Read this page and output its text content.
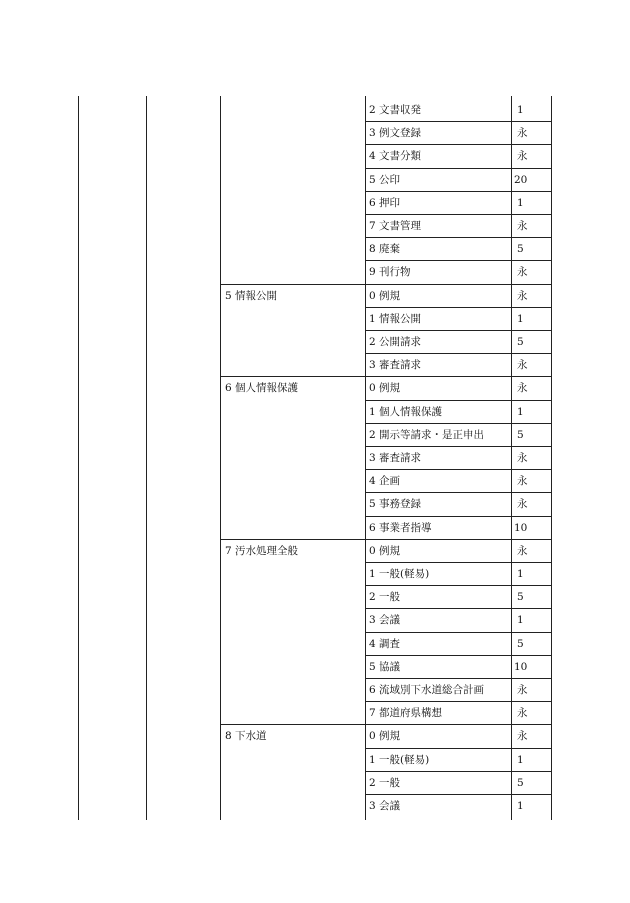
2 文書収発	1
3 例文登録	永
4 文書分類	永
5 公印	20
6 押印	1
7 文書管理	永
8 廃棄	5
9 刊行物	永
5 情報公開	0 例規	永
1 情報公開	1
2 公開請求	5
3 審査請求	永
6 個人情報保護	0 例規	永
1 個人情報保護	1
2 開示等請求・是正申出	5
3 審査請求	永
4 企画	永
5 事務登録	永
6 事業者指導	10
7 汚水処理全般	0 例規	永
1 一般(軽易)	1
2 一般	5
3 会議	1
4 調査	5
5 協議	10
6 流域別下水道総合計画	永
7 都道府県構想	永
8 下水道	0 例規	永
1 一般(軽易)	1
2 一般	5
3 会議	1
